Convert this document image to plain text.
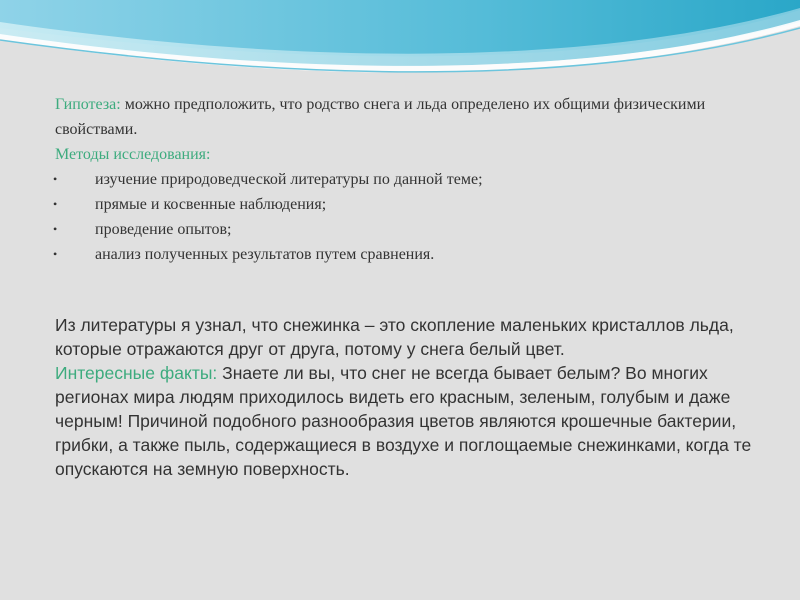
Гипотеза: можно предположить, что родство снега и льда определено их общими физическими свойствами.

Методы исследования:

• изучение природоведческой литературы по данной теме;
• прямые и косвенные наблюдения;
• проведение опытов;
• анализ полученных результатов путем сравнения.

Из литературы я узнал, что снежинка – это скопление маленьких кристаллов льда, которые отражаются друг от друга, потому у снега белый цвет.

Интересные факты: Знаете ли вы, что снег не всегда бывает белым? Во многих регионах мира людям приходилось видеть его красным, зеленым, голубым и даже черным! Причиной подобного разнообразия цветов являются крошечные бактерии, грибки, а также пыль, содержащиеся в воздухе и поглощаемые снежинками, когда те опускаются на земную поверхность.
